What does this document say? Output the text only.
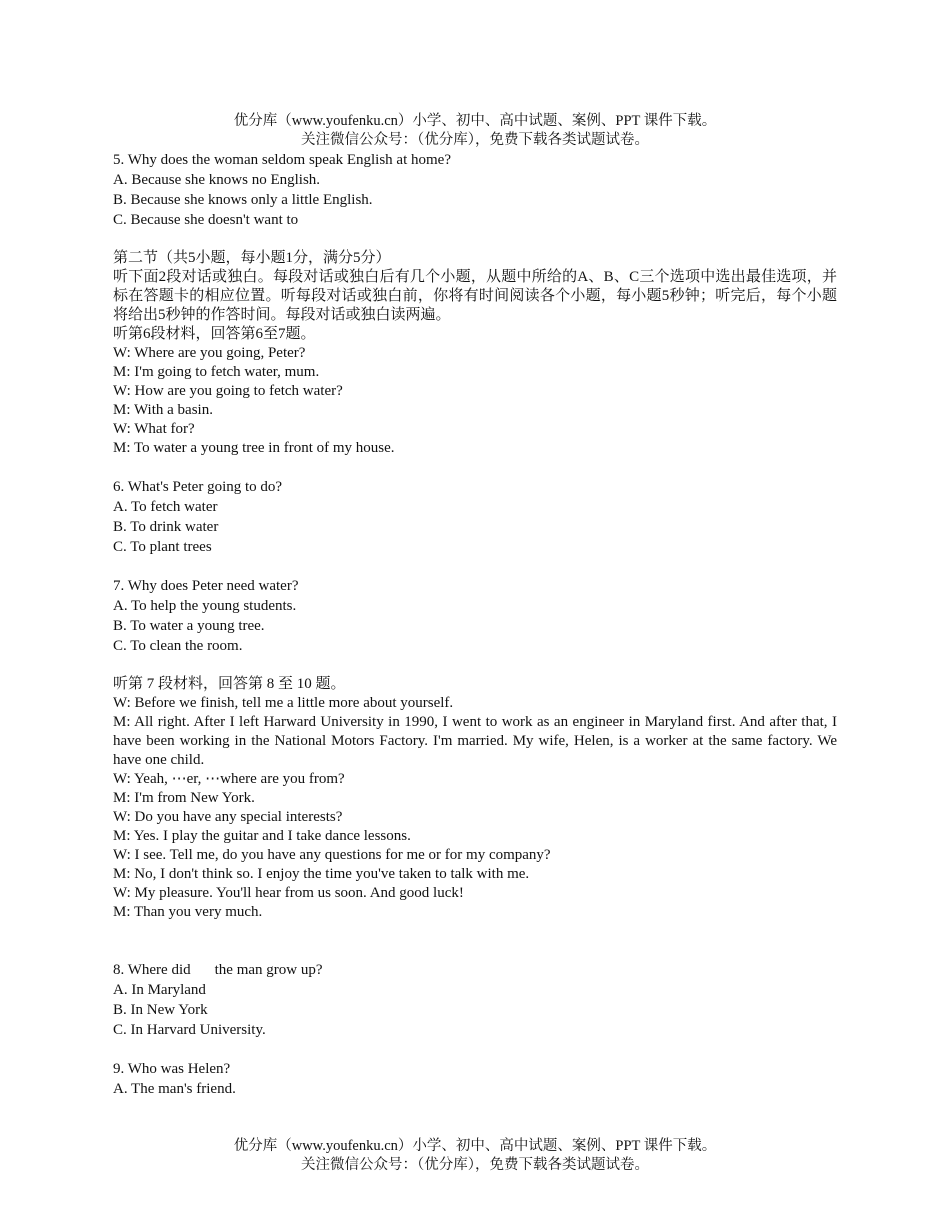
优分库（www.youfenku.cn）小学、初中、高中试题、案例、PPT 课件下载。
关注微信公众号：（优分库），免费下载各类试题试卷。
5. Why does the woman seldom speak English at home?
A. Because she knows no English.
B. Because she knows only a little English.
C. Because she doesn't want to
第二节（共5小题，每小题1分，满分5分）
听下面2段对话或独白。每段对话或独白后有几个小题，从题中所给的A、B、C三个选项中选出最佳选项，并标在答题卡的相应位置。听每段对话或独白前，你将有时间阅读各个小题，每小题5秒钟；听完后，每个小题将给出5秒钟的作答时间。每段对话或独白读两遍。
听第6段材料，回答第6至7题。
W: Where are you going, Peter?
M: I'm going to fetch water, mum.
W: How are you going to fetch water?
M: With a basin.
W: What for?
M: To water a young tree in front of my house.
6. What's Peter going to do?
A. To fetch water
B. To drink water
C. To plant trees
7. Why does Peter need water?
A. To help the young students.
B. To water a young tree.
C. To clean the room.
听第 7 段材料，回答第 8 至 10 题。
W: Before we finish, tell me a little more about yourself.
M: All right. After I left Harward University in 1990, I went to work as an engineer in Maryland first. And after that, I have been working in the National Motors Factory. I'm married. My wife, Helen, is a worker at the same factory. We have one child.
W: Yeah, ⋯er, ⋯where are you from?
M: I'm from New York.
W: Do you have any special interests?
M: Yes. I play the guitar and I take dance lessons.
W: I see. Tell me, do you have any questions for me or for my company?
M: No, I don't think so. I enjoy the time you've taken to talk with me.
W: My pleasure. You'll hear from us soon. And good luck!
M: Than you very much.
8. Where did the man grow up?
A. In Maryland
B. In New York
C. In Harvard University.
9. Who was Helen?
A. The man's friend.
优分库（www.youfenku.cn）小学、初中、高中试题、案例、PPT 课件下载。
关注微信公众号：（优分库），免费下载各类试题试卷。
